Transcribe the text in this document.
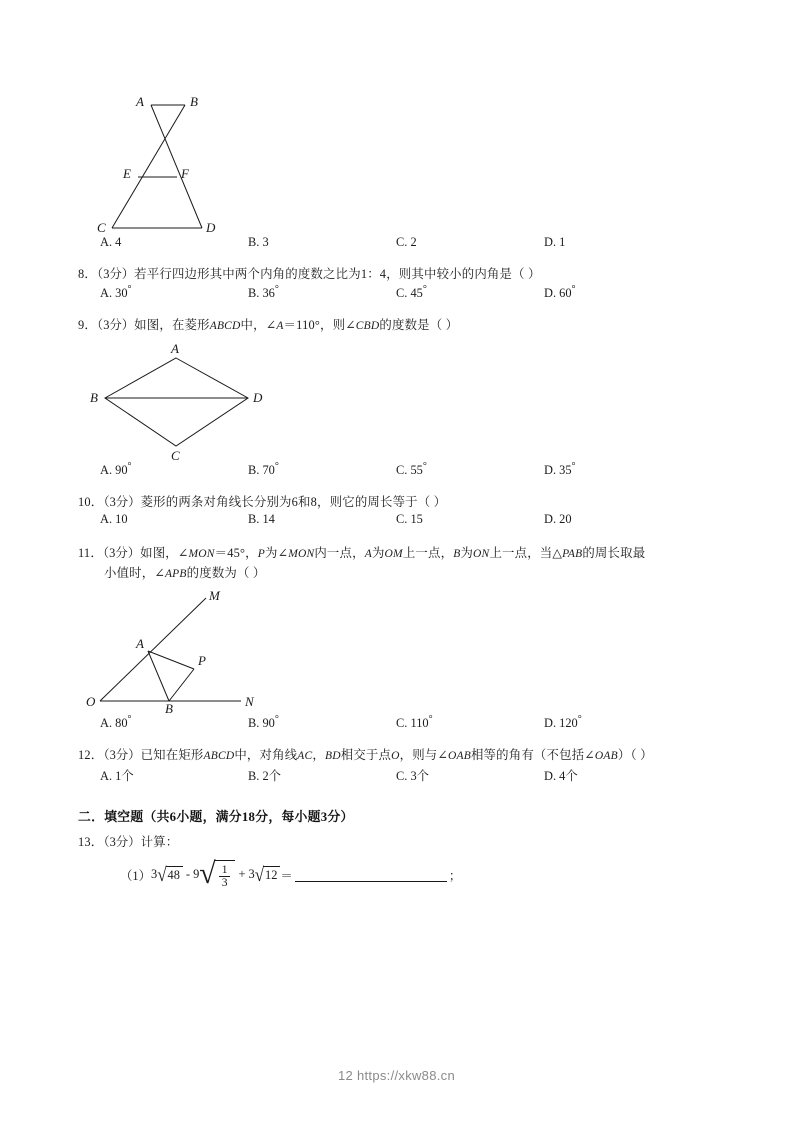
A	B
E	F
C	D
A. 4	B. 3	C. 2	D. 1
8．（3分）若平行四边形其中两个内角的度数之比为1：4，则其中较小的内角是（ ）
A. 30°	B. 36°	C. 45°	D. 60°
9．（3分）如图，在菱形ABCD中，∠A＝110°，则∠CBD的度数是（ ）
A
B	D
C
A. 90°	B. 70°	C. 55°	D. 35°
10．（3分）菱形的两条对角线长分别为6和8，则它的周长等于（ ）
A. 10	B. 14	C. 15	D. 20
11．（3分）如图，∠MON＝45°，P为∠MON内一点，A为OM上一点，B为ON上一点，当△PAB的周长取最
小值时，∠APB的度数为（ ）
M
A
P
O	B	N
A. 80°	B. 90°	C. 110°	D. 120°
12．（3分）已知在矩形ABCD中，对角线AC，BD相交于点O，则与∠OAB相等的角有（不包括∠OAB）（ ）
A. 1个	B. 2个	C. 3个	D. 4个
二．填空题（共6小题，满分18分，每小题3分）
13．（3分）计算：
（1） 3 √ 48 - 9 √ $\frac{1}{3} + 3$ √ 12 ＝	；
12 https://xkw88.cn
